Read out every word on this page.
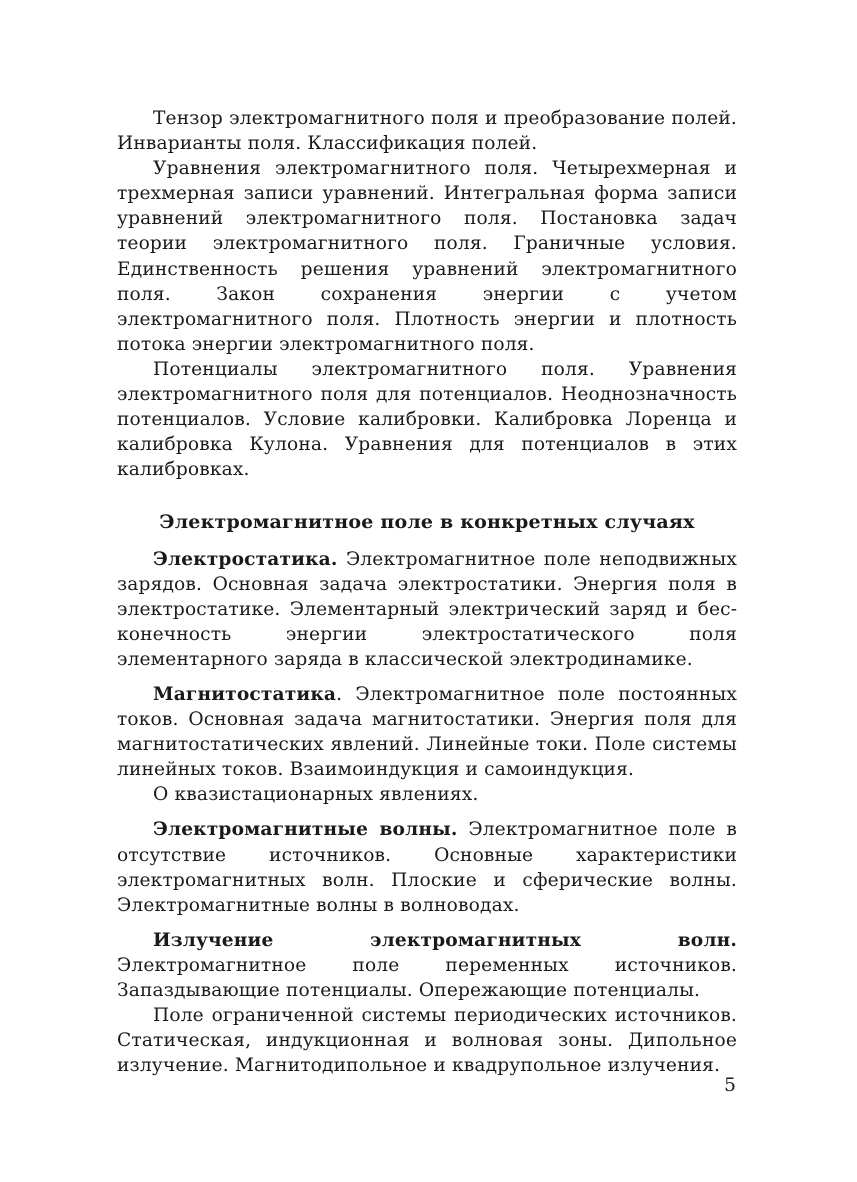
Тензор электромагнитного поля и преобразование полей. Инварианты поля. Классификация полей.

Уравнения электромагнитного поля. Четырехмерная и трехмерная записи уравнений. Интегральная форма записи уравнений электромагнитного поля. Постановка задач теории электромагнитного поля. Граничные условия. Единственность решения уравнений электромагнитного поля. Закон сохранения энергии с учетом электромагнитного поля. Плотность энергии и плотность потока энергии электромагнитного поля.

Потенциалы электромагнитного поля. Уравнения электромагнитного поля для потенциалов. Неоднозначность потенциалов. Условие калибровки. Калибровка Лоренца и калибровка Кулона. Уравнения для потенциалов в этих калибровках.

Электромагнитное поле в конкретных случаях

Электростатика. Электромагнитное поле неподвижных зарядов. Основная задача электростатики. Энергия поля в электростатике. Элементарный электрический заряд и бесконечность энергии электростатического поля элементарного заряда в классической электродинамике.

Магнитостатика. Электромагнитное поле постоянных токов. Основная задача магнитостатики. Энергия поля для магнитостатических явлений. Линейные токи. Поле системы линейных токов. Взаимоиндукция и самоиндукция.

О квазистационарных явлениях.

Электромагнитные волны. Электромагнитное поле в отсутствие источников. Основные характеристики электромагнитных волн. Плоские и сферические волны. Электромагнитные волны в волноводах.

Излучение электромагнитных волн. Электромагнитное поле переменных источников. Запаздывающие потенциалы. Опережающие потенциалы.

Поле ограниченной системы периодических источников. Статическая, индукционная и волновая зоны. Дипольное излучение. Магнитодипольное и квадрупольное излучения.

5
